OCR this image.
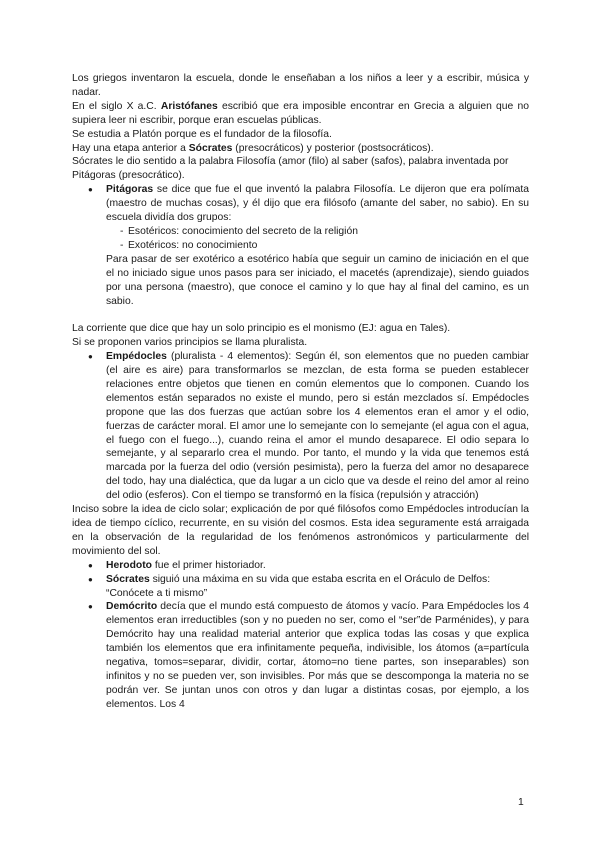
Los griegos inventaron la escuela, donde le enseñaban a los niños a leer y a escribir, música y nadar.

En el siglo X a.C. Aristófanes escribió que era imposible encontrar en Grecia a alguien que no supiera leer ni escribir, porque eran escuelas públicas.

Se estudia a Platón porque es el fundador de la filosofía.

Hay una etapa anterior a Sócrates (presocráticos) y posterior (postsocráticos).

Sócrates le dio sentido a la palabra Filosofía (amor (filo) al saber (safos), palabra inventada por Pitágoras (presocrático).

● Pitágoras se dice que fue el que inventó la palabra Filosofía. Le dijeron que era polímata (maestro de muchas cosas), y él dijo que era filósofo (amante del saber, no sabio). En su escuela dividía dos grupos:

- Esotéricos: conocimiento del secreto de la religión

- Exotéricos: no conocimiento

Para pasar de ser exotérico a esotérico había que seguir un camino de iniciación en el que el no iniciado sigue unos pasos para ser iniciado, el macetés (aprendizaje), siendo guiados por una persona (maestro), que conoce el camino y lo que hay al final del camino, es un sabio.

La corriente que dice que hay un solo principio es el monismo (EJ: agua en Tales).

Si se proponen varios principios se llama pluralista.

● Empédocles (pluralista - 4 elementos): Según él, son elementos que no pueden cambiar (el aire es aire) para transformarlos se mezclan, de esta forma se pueden establecer relaciones entre objetos que tienen en común elementos que lo componen. Cuando los elementos están separados no existe el mundo, pero si están mezclados sí. Empédocles propone que las dos fuerzas que actúan sobre los 4 elementos eran el amor y el odio, fuerzas de carácter moral. El amor une lo semejante con lo semejante (el agua con el agua, el fuego con el fuego...), cuando reina el amor el mundo desaparece. El odio separa lo semejante, y al separarlo crea el mundo. Por tanto, el mundo y la vida que tenemos está marcada por la fuerza del odio (versión pesimista), pero la fuerza del amor no desaparece del todo, hay una dialéctica, que da lugar a un ciclo que va desde el reino del amor al reino del odio (esferos). Con el tiempo se transformó en la física (repulsión y atracción)

Inciso sobre la idea de ciclo solar; explicación de por qué filósofos como Empédocles introducían la idea de tiempo cíclico, recurrente, en su visión del cosmos. Esta idea seguramente está arraigada en la observación de la regularidad de los fenómenos astronómicos y particularmente del movimiento del sol.

● Herodoto fue el primer historiador.

● Sócrates siguió una máxima en su vida que estaba escrita en el Oráculo de Delfos: “Conócete a ti mismo”

● Demócrito decía que el mundo está compuesto de átomos y vacío. Para Empédocles los 4 elementos eran irreductibles (son y no pueden no ser, como el “ser”de Parménides), y para Demócrito hay una realidad material anterior que explica todas las cosas y que explica también los elementos que era infinitamente pequeña, indivisible, los átomos (a=partícula negativa, tomos=separar, dividir, cortar, átomo=no tiene partes, son inseparables) son infinitos y no se pueden ver, son invisibles. Por más que se descomponga la materia no se podrán ver. Se juntan unos con otros y dan lugar a distintas cosas, por ejemplo, a los elementos. Los 4

1
